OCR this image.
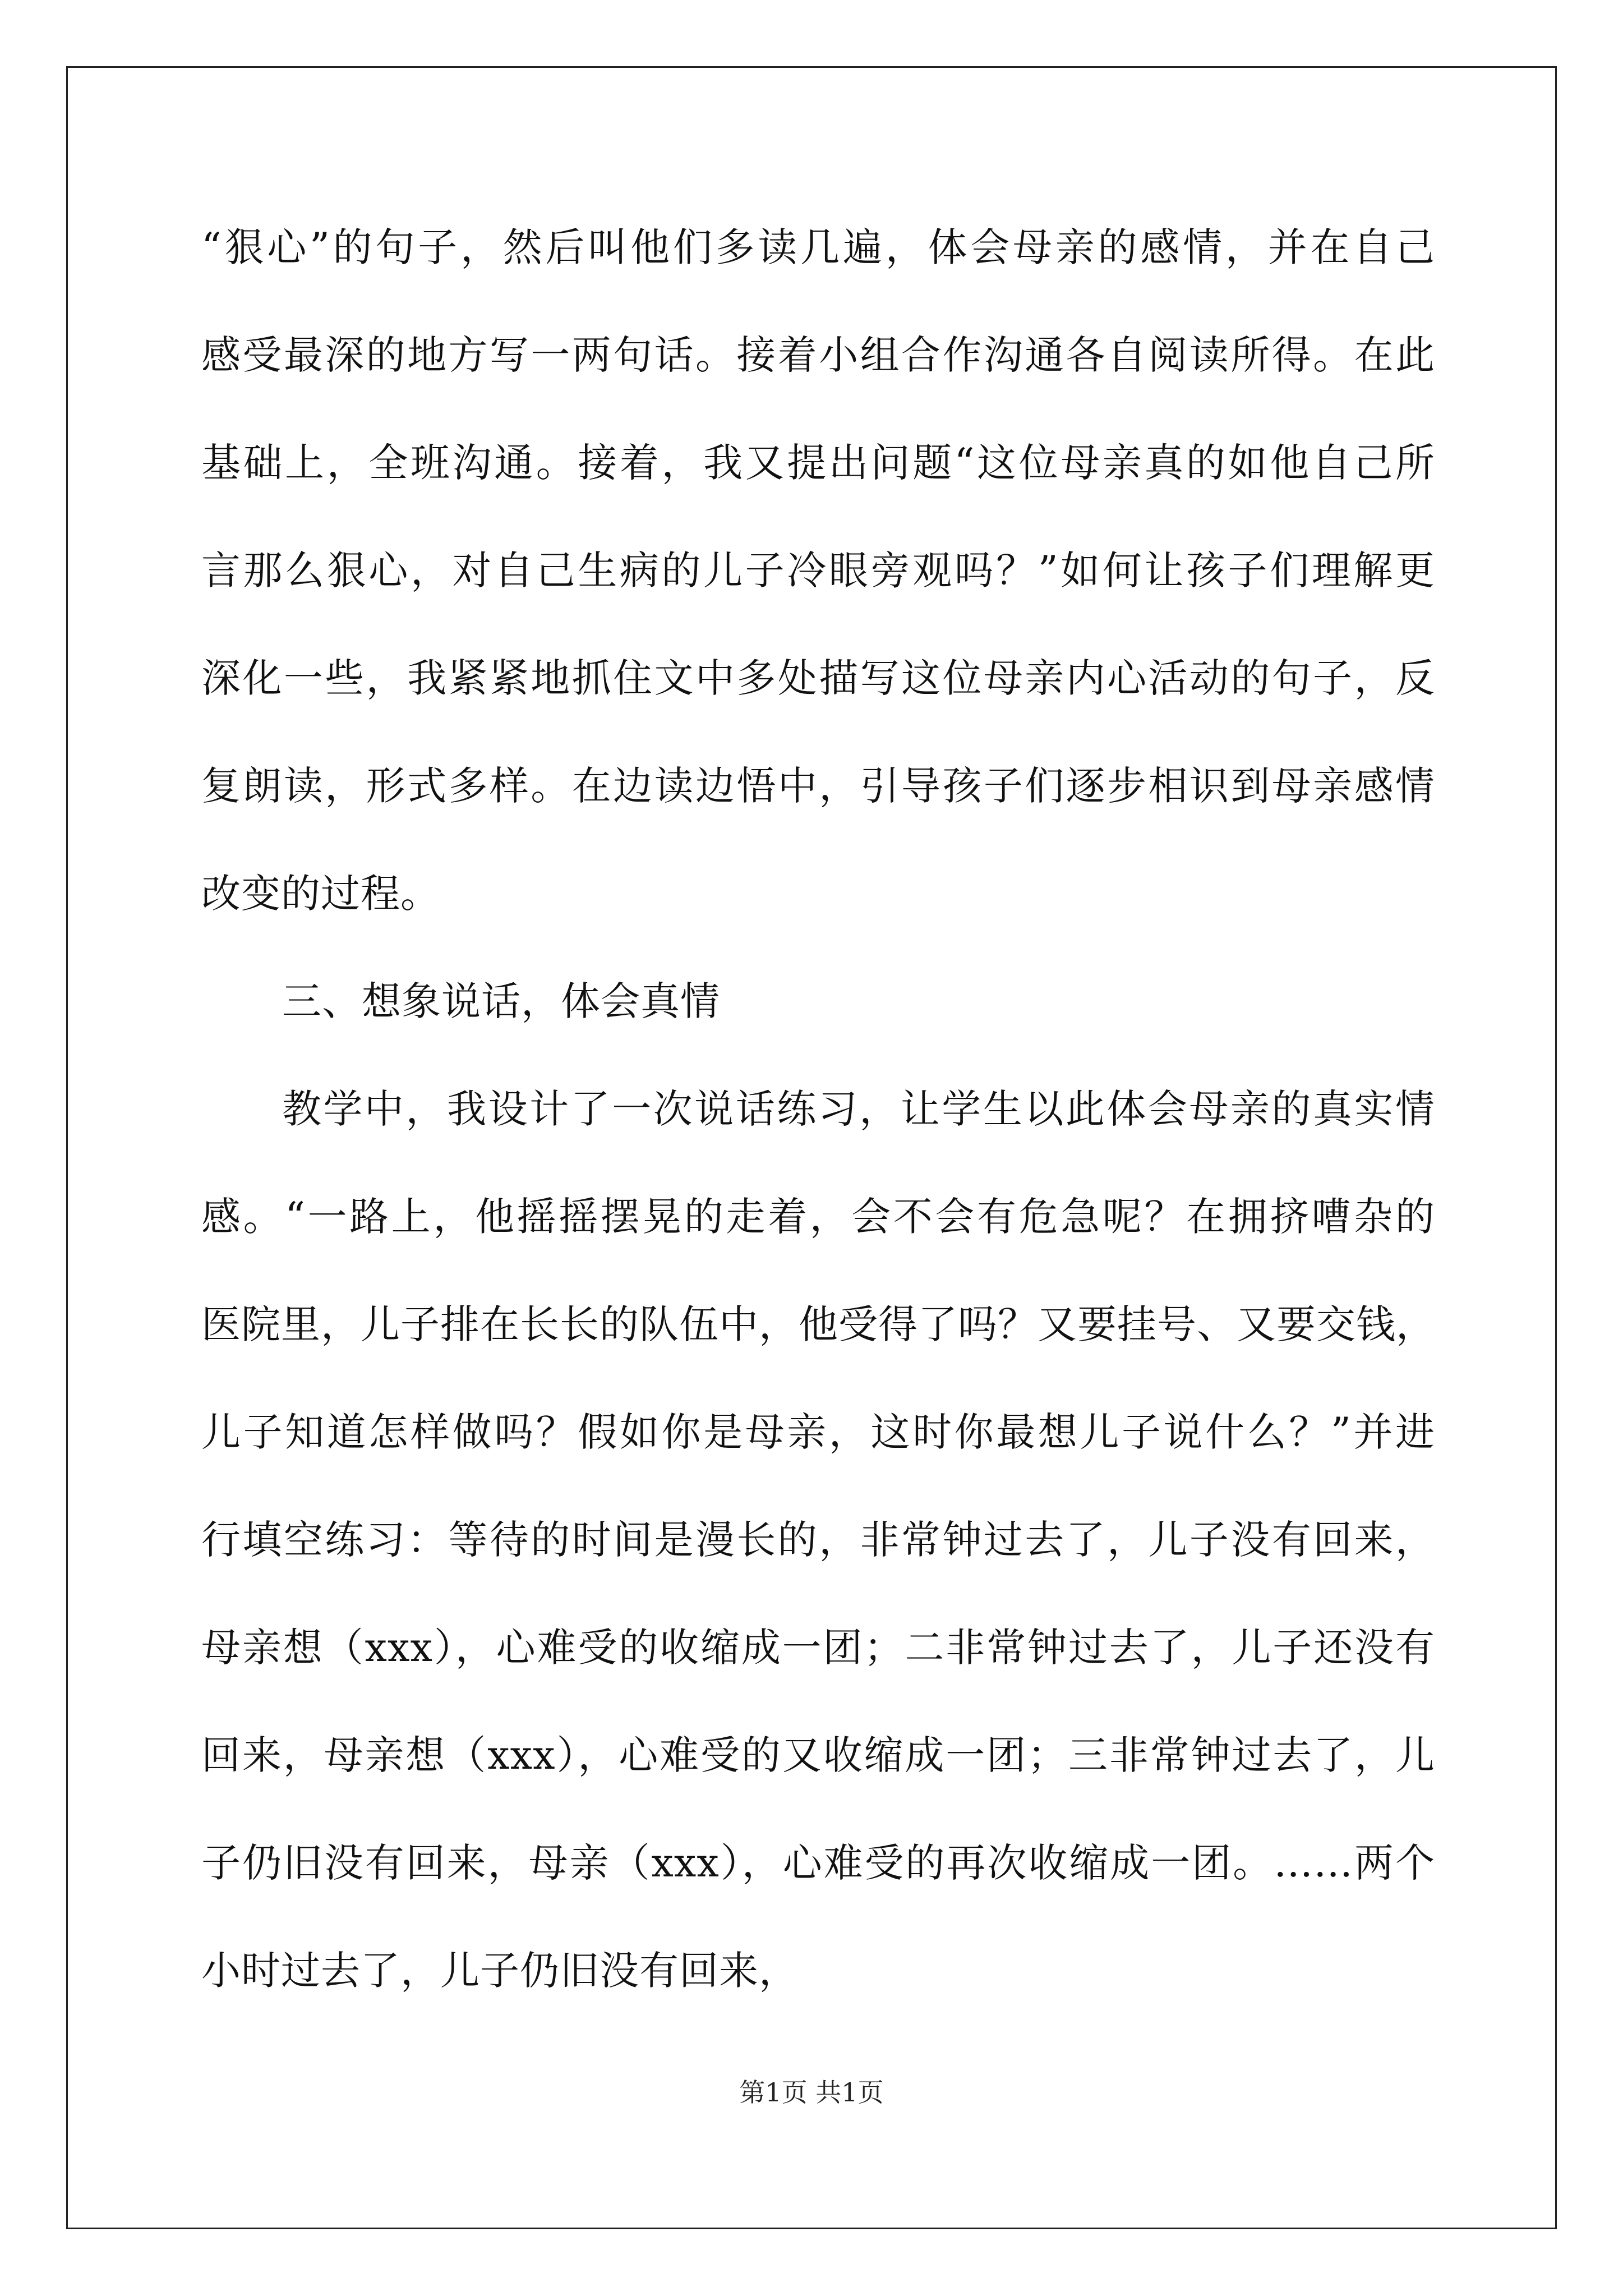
“狠心”的句子，然后叫他们多读几遍，体会母亲的感情，并在自己
感受最深的地方写一两句话。接着小组合作沟通各自阅读所得。在此
基础上，全班沟通。接着，我又提出问题“这位母亲真的如他自己所
言那么狠心，对自己生病的儿子冷眼旁观吗？”如何让孩子们理解更
深化一些，我紧紧地抓住文中多处描写这位母亲内心活动的句子，反
复朗读，形式多样。在边读边悟中，引导孩子们逐步相识到母亲感情
改变的过程。
三、想象说话，体会真情
教学中，我设计了一次说话练习，让学生以此体会母亲的真实情
感。“一路上，他摇摇摆晃的走着，会不会有危急呢？在拥挤嘈杂的
医院里，儿子排在长长的队伍中，他受得了吗？又要挂号、又要交钱，
儿子知道怎样做吗？假如你是母亲，这时你最想儿子说什么？”并进
行填空练习：等待的时间是漫长的，非常钟过去了，儿子没有回来，
母亲想（xxx），心难受的收缩成一团；二非常钟过去了，儿子还没有
回来，母亲想（xxx），心难受的又收缩成一团；三非常钟过去了，儿
子仍旧没有回来，母亲（xxx），心难受的再次收缩成一团。……两个
小时过去了，儿子仍旧没有回来，
第1页 共1页
